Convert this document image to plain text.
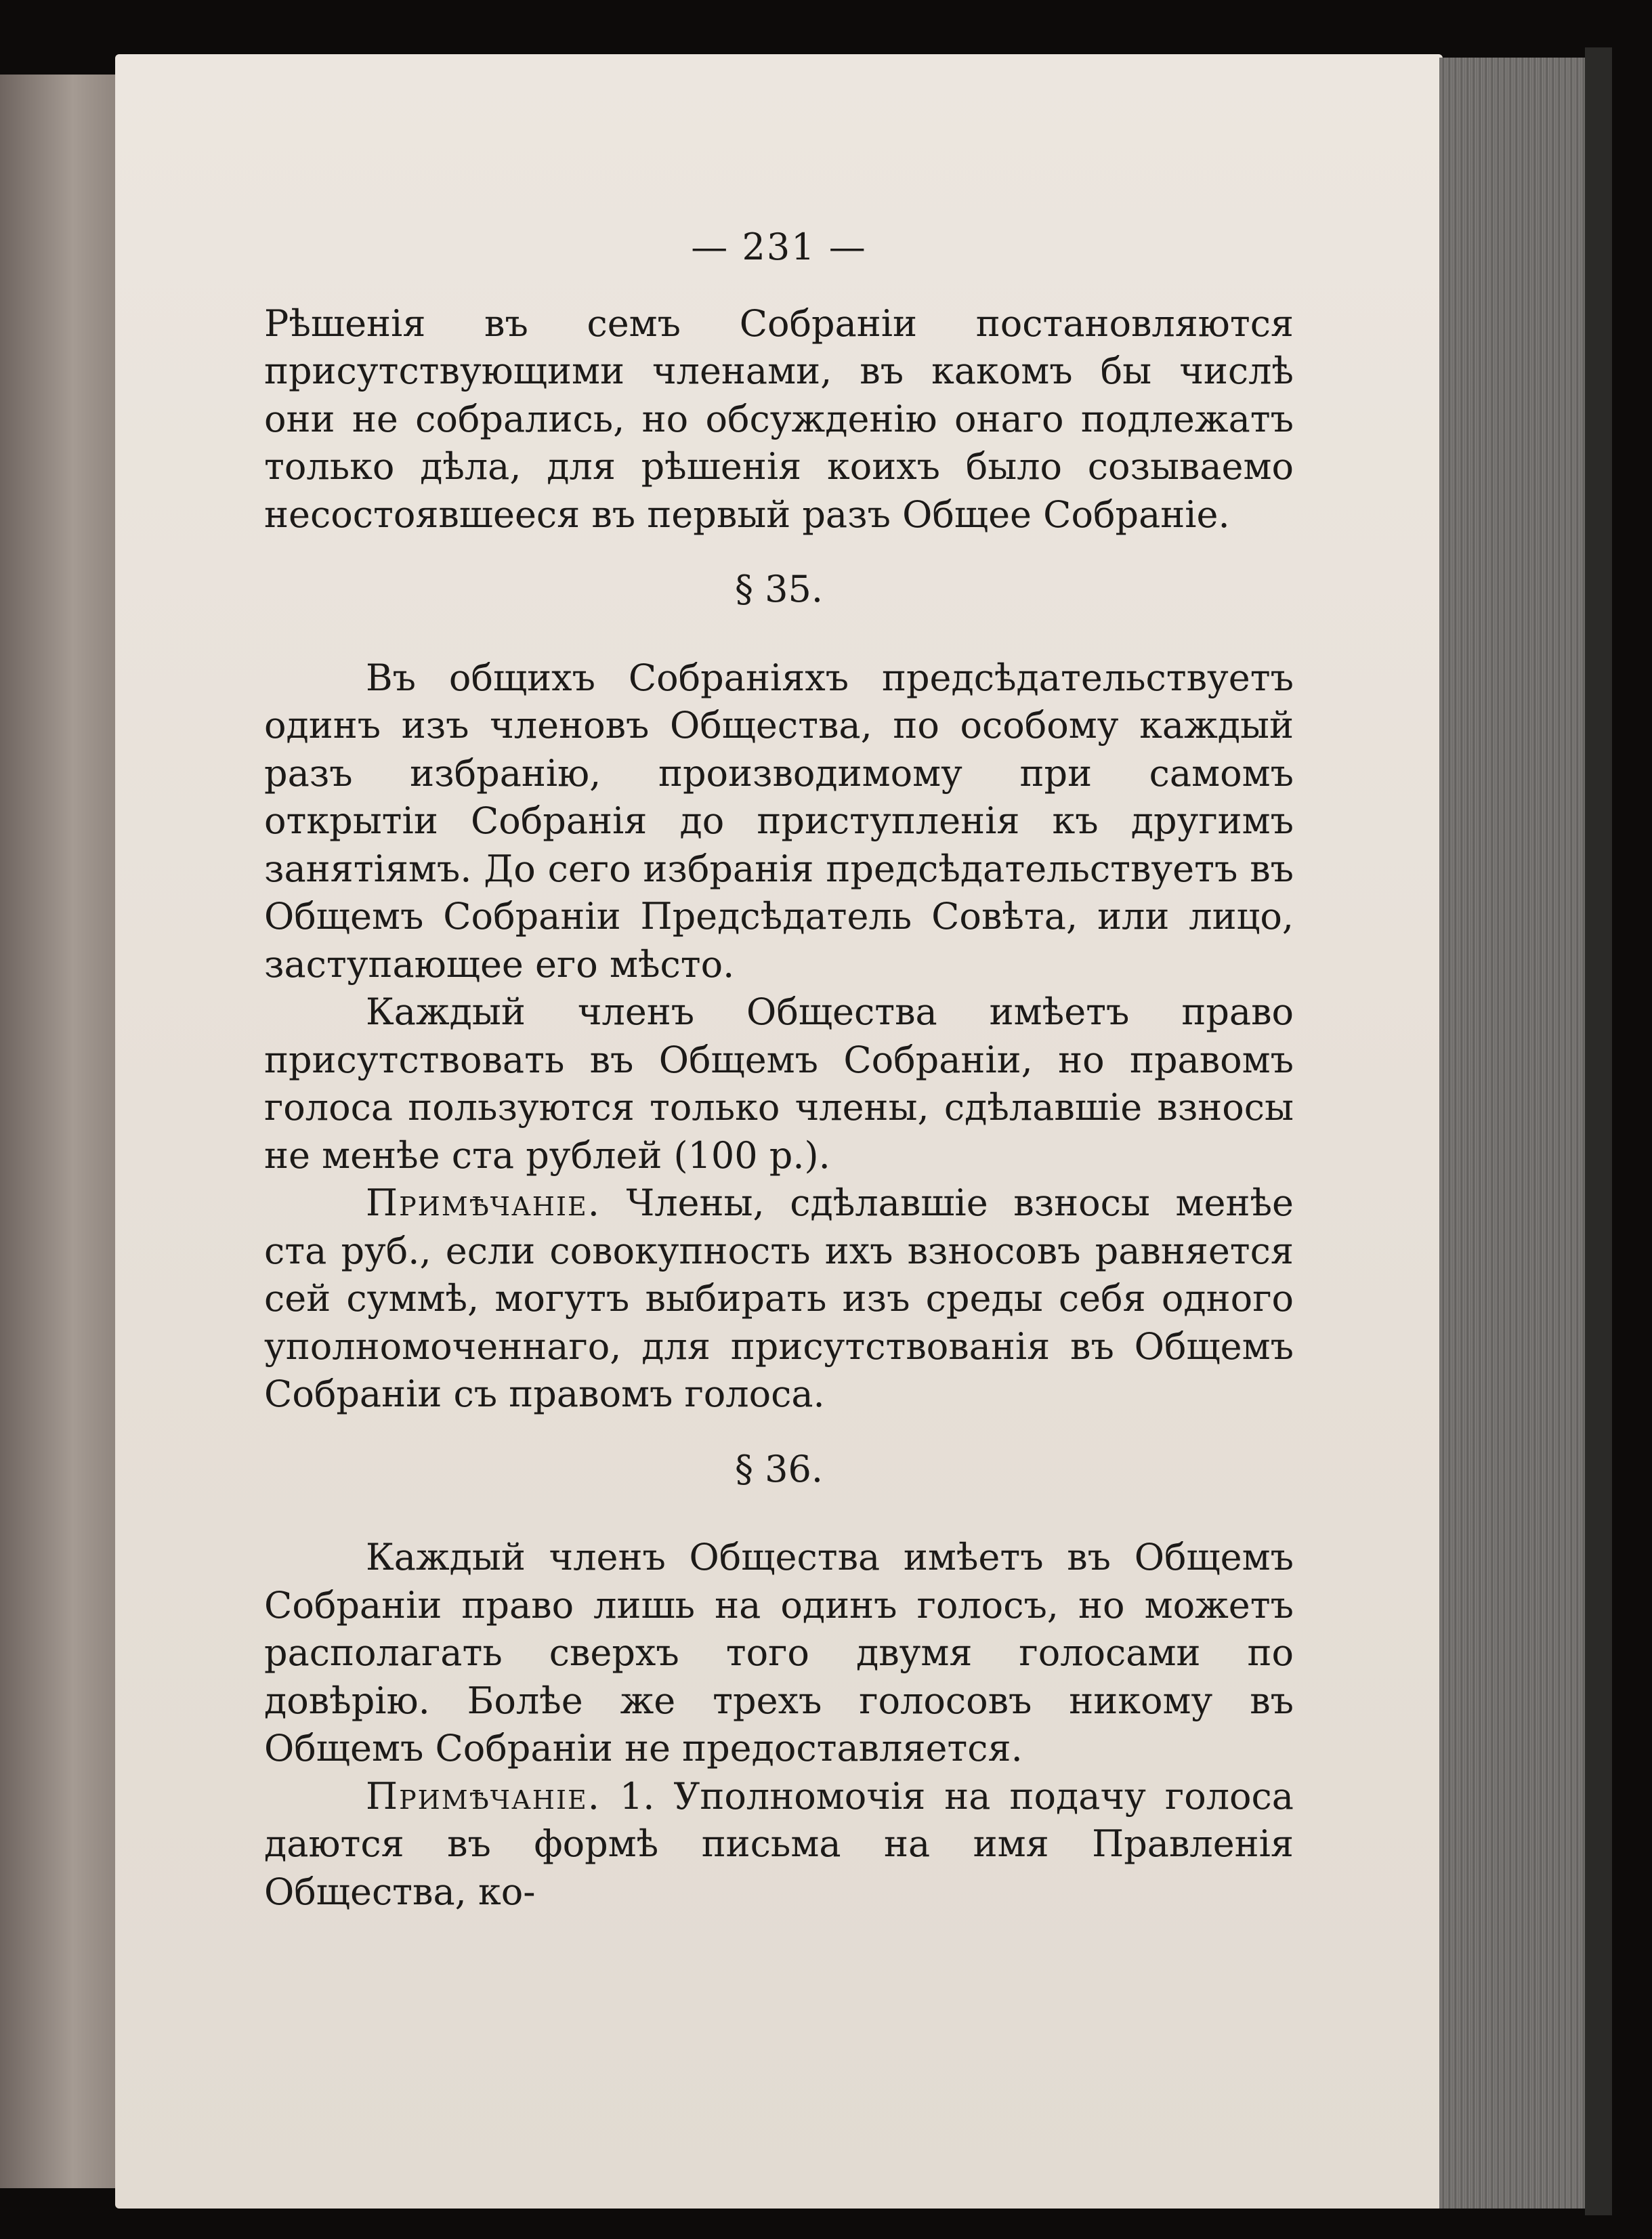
— 231 —

Рѣшенія въ семъ Собраніи постановляются присутствующими членами, въ какомъ бы числѣ они не собрались, но обсужденію онаго подлежатъ только дѣла, для рѣшенія коихъ было созываемо несостоявшееся въ первый разъ Общее Собраніе.

§ 35.

Въ общихъ Собраніяхъ предсѣдательствуетъ одинъ изъ членовъ Общества, по особому каждый разъ избранію, производимому при самомъ открытіи Собранія до приступленія къ другимъ занятіямъ. До сего избранія предсѣдательствуетъ въ Общемъ Собраніи Предсѣдатель Совѣта, или лицо, заступающее его мѣсто.

Каждый членъ Общества имѣетъ право присутствовать въ Общемъ Собраніи, но правомъ голоса пользуются только члены, сдѣлавшіе взносы не менѣе ста рублей (100 р.).

Примѣчаніе. Члены, сдѣлавшіе взносы менѣе ста руб., если совокупность ихъ взносовъ равняется сей суммѣ, могутъ выбирать изъ среды себя одного уполномоченнаго, для присутствованія въ Общемъ Собраніи съ правомъ голоса.

§ 36.

Каждый членъ Общества имѣетъ въ Общемъ Собраніи право лишь на одинъ голосъ, но можетъ располагать сверхъ того двумя голосами по довѣрію. Болѣе же трехъ голосовъ никому въ Общемъ Собраніи не предоставляется.

Примѣчаніе. 1. Уполномочія на подачу голоса даются въ формѣ письма на имя Правленія Общества, ко-
